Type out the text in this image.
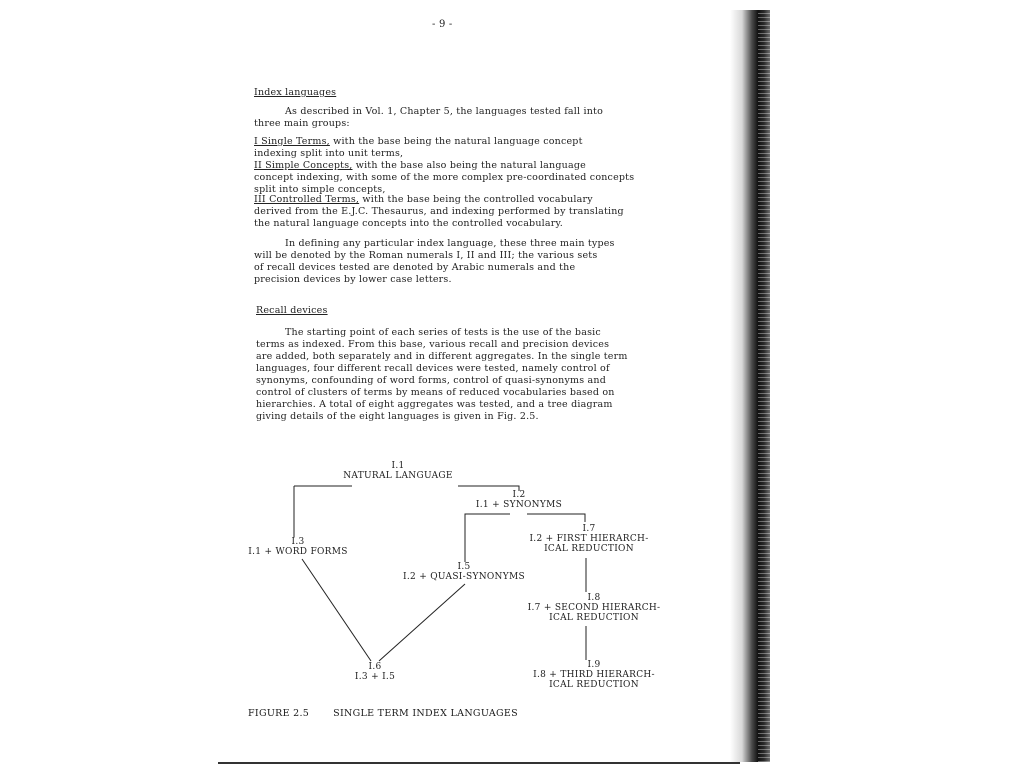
- 9 -
Index languages
As described in Vol. 1, Chapter 5, the languages tested fall into
three main groups:
I Single Terms, with the base being the natural language concept
indexing split into unit terms,
II Simple Concepts, with the base also being the natural language
concept indexing, with some of the more complex pre-coordinated concepts
split into simple concepts,
III Controlled Terms, with the base being the controlled vocabulary
derived from the E.J.C. Thesaurus, and indexing performed by translating
the natural language concepts into the controlled vocabulary.
In defining any particular index language, these three main types
will be denoted by the Roman numerals I, II and III; the various sets
of recall devices tested are denoted by Arabic numerals and the
precision devices by lower case letters.
Recall devices
The starting point of each series of tests is the use of the basic
terms as indexed. From this base, various recall and precision devices
are added, both separately and in different aggregates. In the single term
languages, four different recall devices were tested, namely control of
synonyms, confounding of word forms, control of quasi-synonyms and
control of clusters of terms by means of reduced vocabularies based on
hierarchies. A total of eight aggregates was tested, and a tree diagram
giving details of the eight languages is given in Fig. 2.5.
I.1
NATURAL LANGUAGE
I.2
I.1 + SYNONYMS
I.3
I.1 + WORD FORMS
I.5
I.2 + QUASI-SYNONYMS
I.7
I.2 + FIRST HIERARCH-
ICAL REDUCTION
I.8
I.7 + SECOND HIERARCH-
ICAL REDUCTION
I.6
I.3 + I.5
I.9
I.8 + THIRD HIERARCH-
ICAL REDUCTION
FIGURE 2.5	SINGLE TERM INDEX LANGUAGES
